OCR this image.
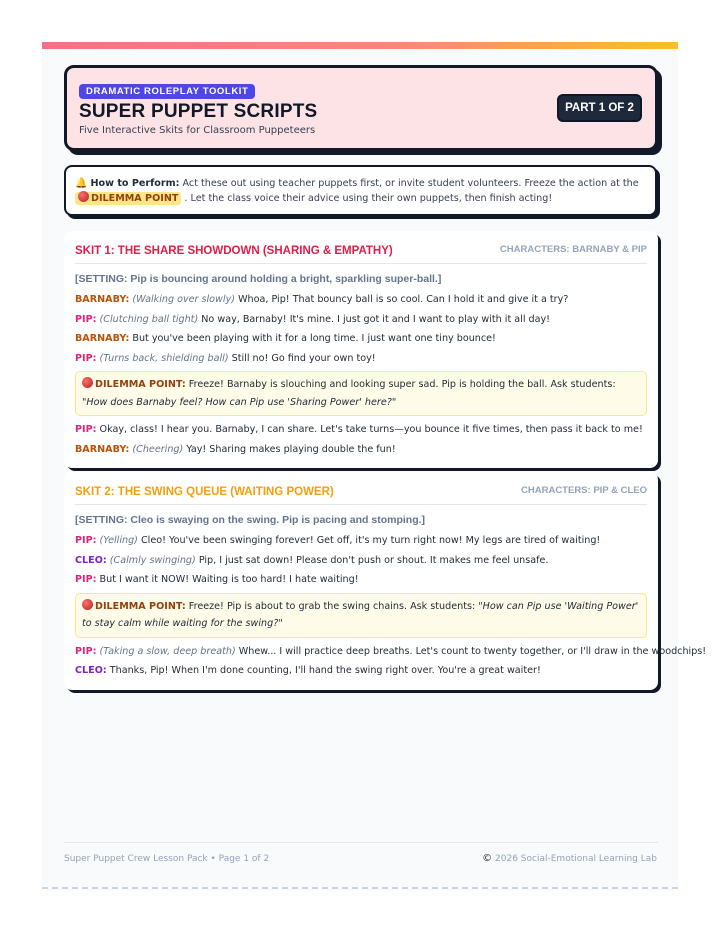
DRAMATIC ROLEPLAY TOOLKIT
SUPER PUPPET SCRIPTS
Five Interactive Skits for Classroom Puppeteers
PART 1 OF 2
🔔 How to Perform: Act these out using teacher puppets first, or invite student volunteers. Freeze the action at the DILEMMA POINT . Let the class voice their advice using their own puppets, then finish acting!
SKIT 1: THE SHARE SHOWDOWN (SHARING & EMPATHY)	CHARACTERS: BARNABY & PIP
[SETTING: Pip is bouncing around holding a bright, sparkling super-ball.]
BARNABY: (Walking over slowly) Whoa, Pip! That bouncy ball is so cool. Can I hold it and give it a try?
PIP: (Clutching ball tight) No way, Barnaby! It's mine. I just got it and I want to play with it all day!
BARNABY: But you've been playing with it for a long time. I just want one tiny bounce!
PIP: (Turns back, shielding ball) Still no! Go find your own toy!
DILEMMA POINT: Freeze! Barnaby is slouching and looking super sad. Pip is holding the ball. Ask students: "How does Barnaby feel? How can Pip use 'Sharing Power' here?"
PIP: Okay, class! I hear you. Barnaby, I can share. Let's take turns—you bounce it five times, then pass it back to me!
BARNABY: (Cheering) Yay! Sharing makes playing double the fun!
SKIT 2: THE SWING QUEUE (WAITING POWER)	CHARACTERS: PIP & CLEO
[SETTING: Cleo is swaying on the swing. Pip is pacing and stomping.]
PIP: (Yelling) Cleo! You've been swinging forever! Get off, it's my turn right now! My legs are tired of waiting!
CLEO: (Calmly swinging) Pip, I just sat down! Please don't push or shout. It makes me feel unsafe.
PIP: But I want it NOW! Waiting is too hard! I hate waiting!
DILEMMA POINT: Freeze! Pip is about to grab the swing chains. Ask students: "How can Pip use 'Waiting Power' to stay calm while waiting for the swing?"
PIP: (Taking a slow, deep breath) Whew... I will practice deep breaths. Let's count to twenty together, or I'll draw in the woodchips!
CLEO: Thanks, Pip! When I'm done counting, I'll hand the swing right over. You're a great waiter!
Super Puppet Crew Lesson Pack • Page 1 of 2	© 2026 Social-Emotional Learning Lab
